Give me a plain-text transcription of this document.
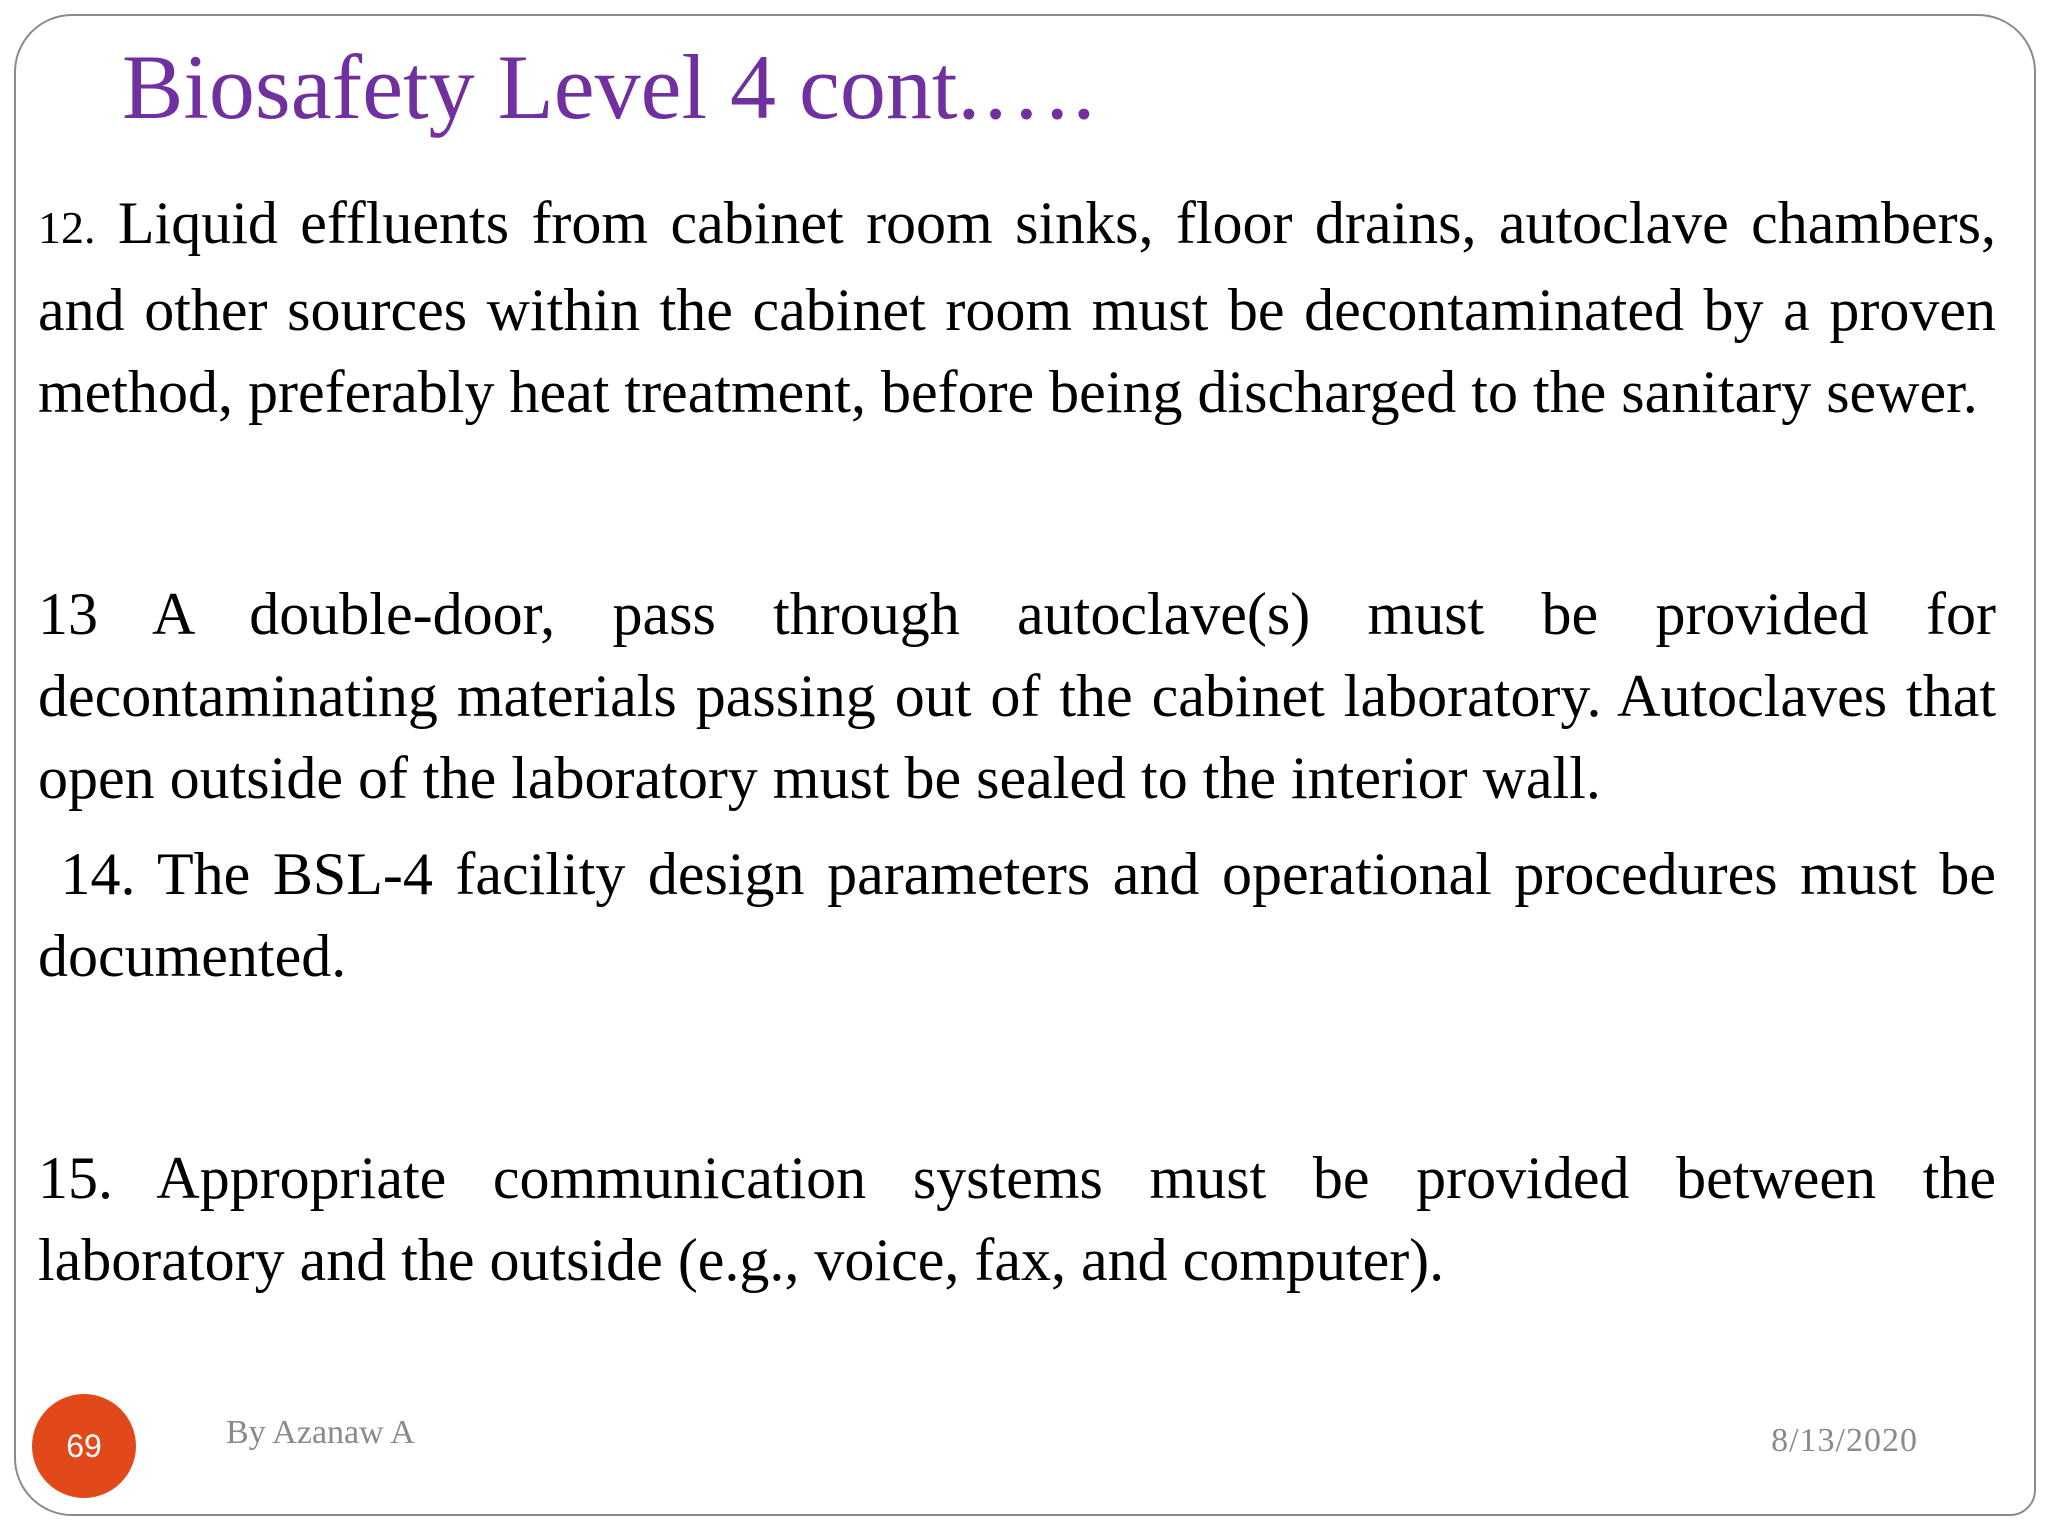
Biosafety Level 4 cont.….

12. Liquid effluents from cabinet room sinks, floor drains, autoclave chambers, and other sources within the cabinet room must be decontaminated by a proven method, preferably heat treatment, before being discharged to the sanitary sewer.

13 A double-door, pass through autoclave(s) must be provided for decontaminating materials passing out of the cabinet laboratory. Autoclaves that open outside of the laboratory must be sealed to the interior wall.

14. The BSL-4 facility design parameters and operational procedures must be documented.

15. Appropriate communication systems must be provided between the laboratory and the outside (e.g., voice, fax, and computer).

69	By Azanaw A	8/13/2020
